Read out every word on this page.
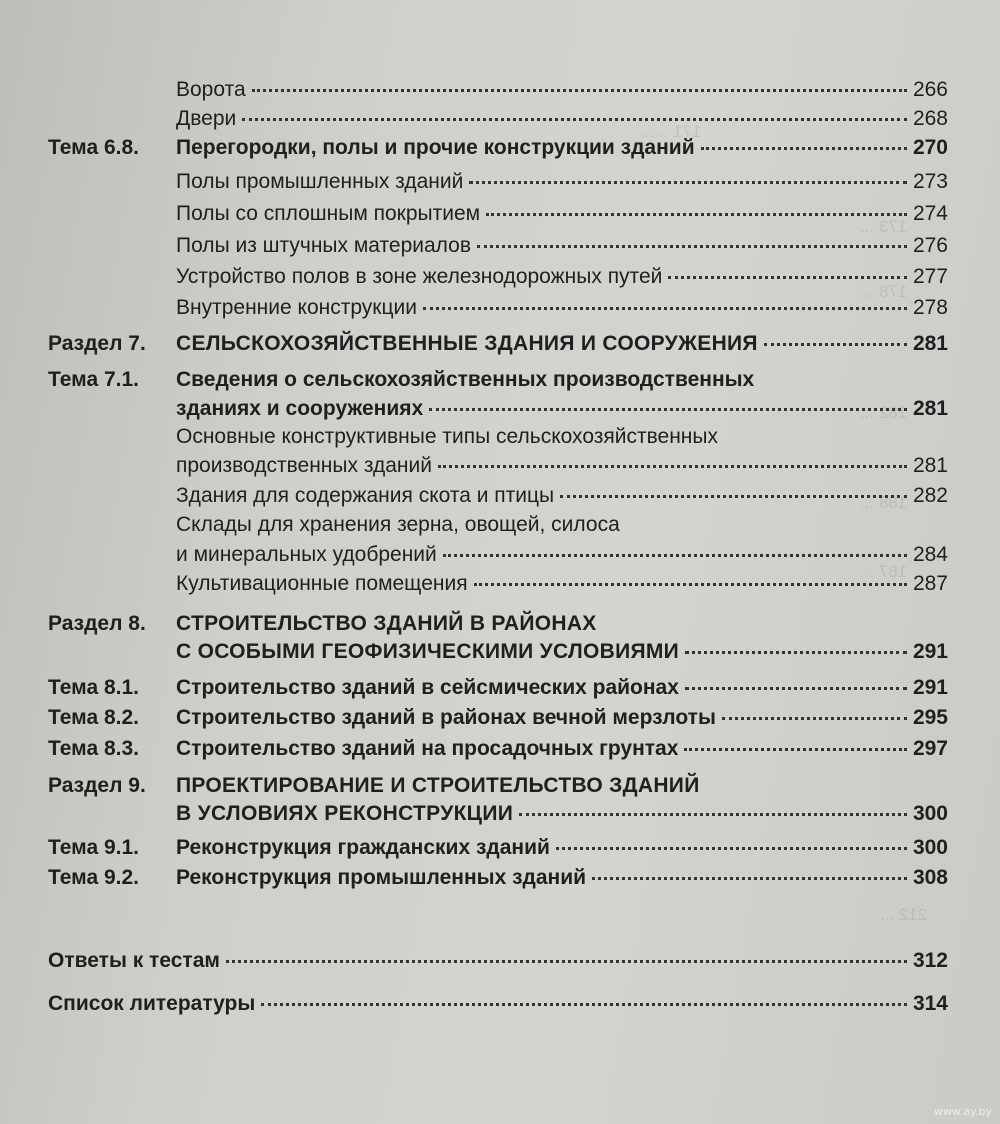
171 ......
173 ...
178 ...
182 ...
188 ...
187 ...
212 ...
Ворота	266
Двери	268
Тема 6.8. Перегородки, полы и прочие конструкции зданий	270
Полы промышленных зданий	273
Полы со сплошным покрытием	274
Полы из штучных материалов	276
Устройство полов в зоне железнодорожных путей	277
Внутренние конструкции	278
Раздел 7. СЕЛЬСКОХОЗЯЙСТВЕННЫЕ ЗДАНИЯ И СООРУЖЕНИЯ	281
Тема 7.1. Сведения о сельскохозяйственных производственных
зданиях и сооружениях	281
Основные конструктивные типы сельскохозяйственных
производственных зданий	281
Здания для содержания скота и птицы	282
Склады для хранения зерна, овощей, силоса
и минеральных удобрений	284
Культивационные помещения	287
Раздел 8. СТРОИТЕЛЬСТВО ЗДАНИЙ В РАЙОНАХ
С ОСОБЫМИ ГЕОФИЗИЧЕСКИМИ УСЛОВИЯМИ	291
Тема 8.1. Строительство зданий в сейсмических районах	291
Тема 8.2. Строительство зданий в районах вечной мерзлоты	295
Тема 8.3. Строительство зданий на просадочных грунтах	297
Раздел 9. ПРОЕКТИРОВАНИЕ И СТРОИТЕЛЬСТВО ЗДАНИЙ
В УСЛОВИЯХ РЕКОНСТРУКЦИИ	300
Тема 9.1. Реконструкция гражданских зданий	300
Тема 9.2. Реконструкция промышленных зданий	308
Ответы к тестам	312
Список литературы	314
www.ay.by
